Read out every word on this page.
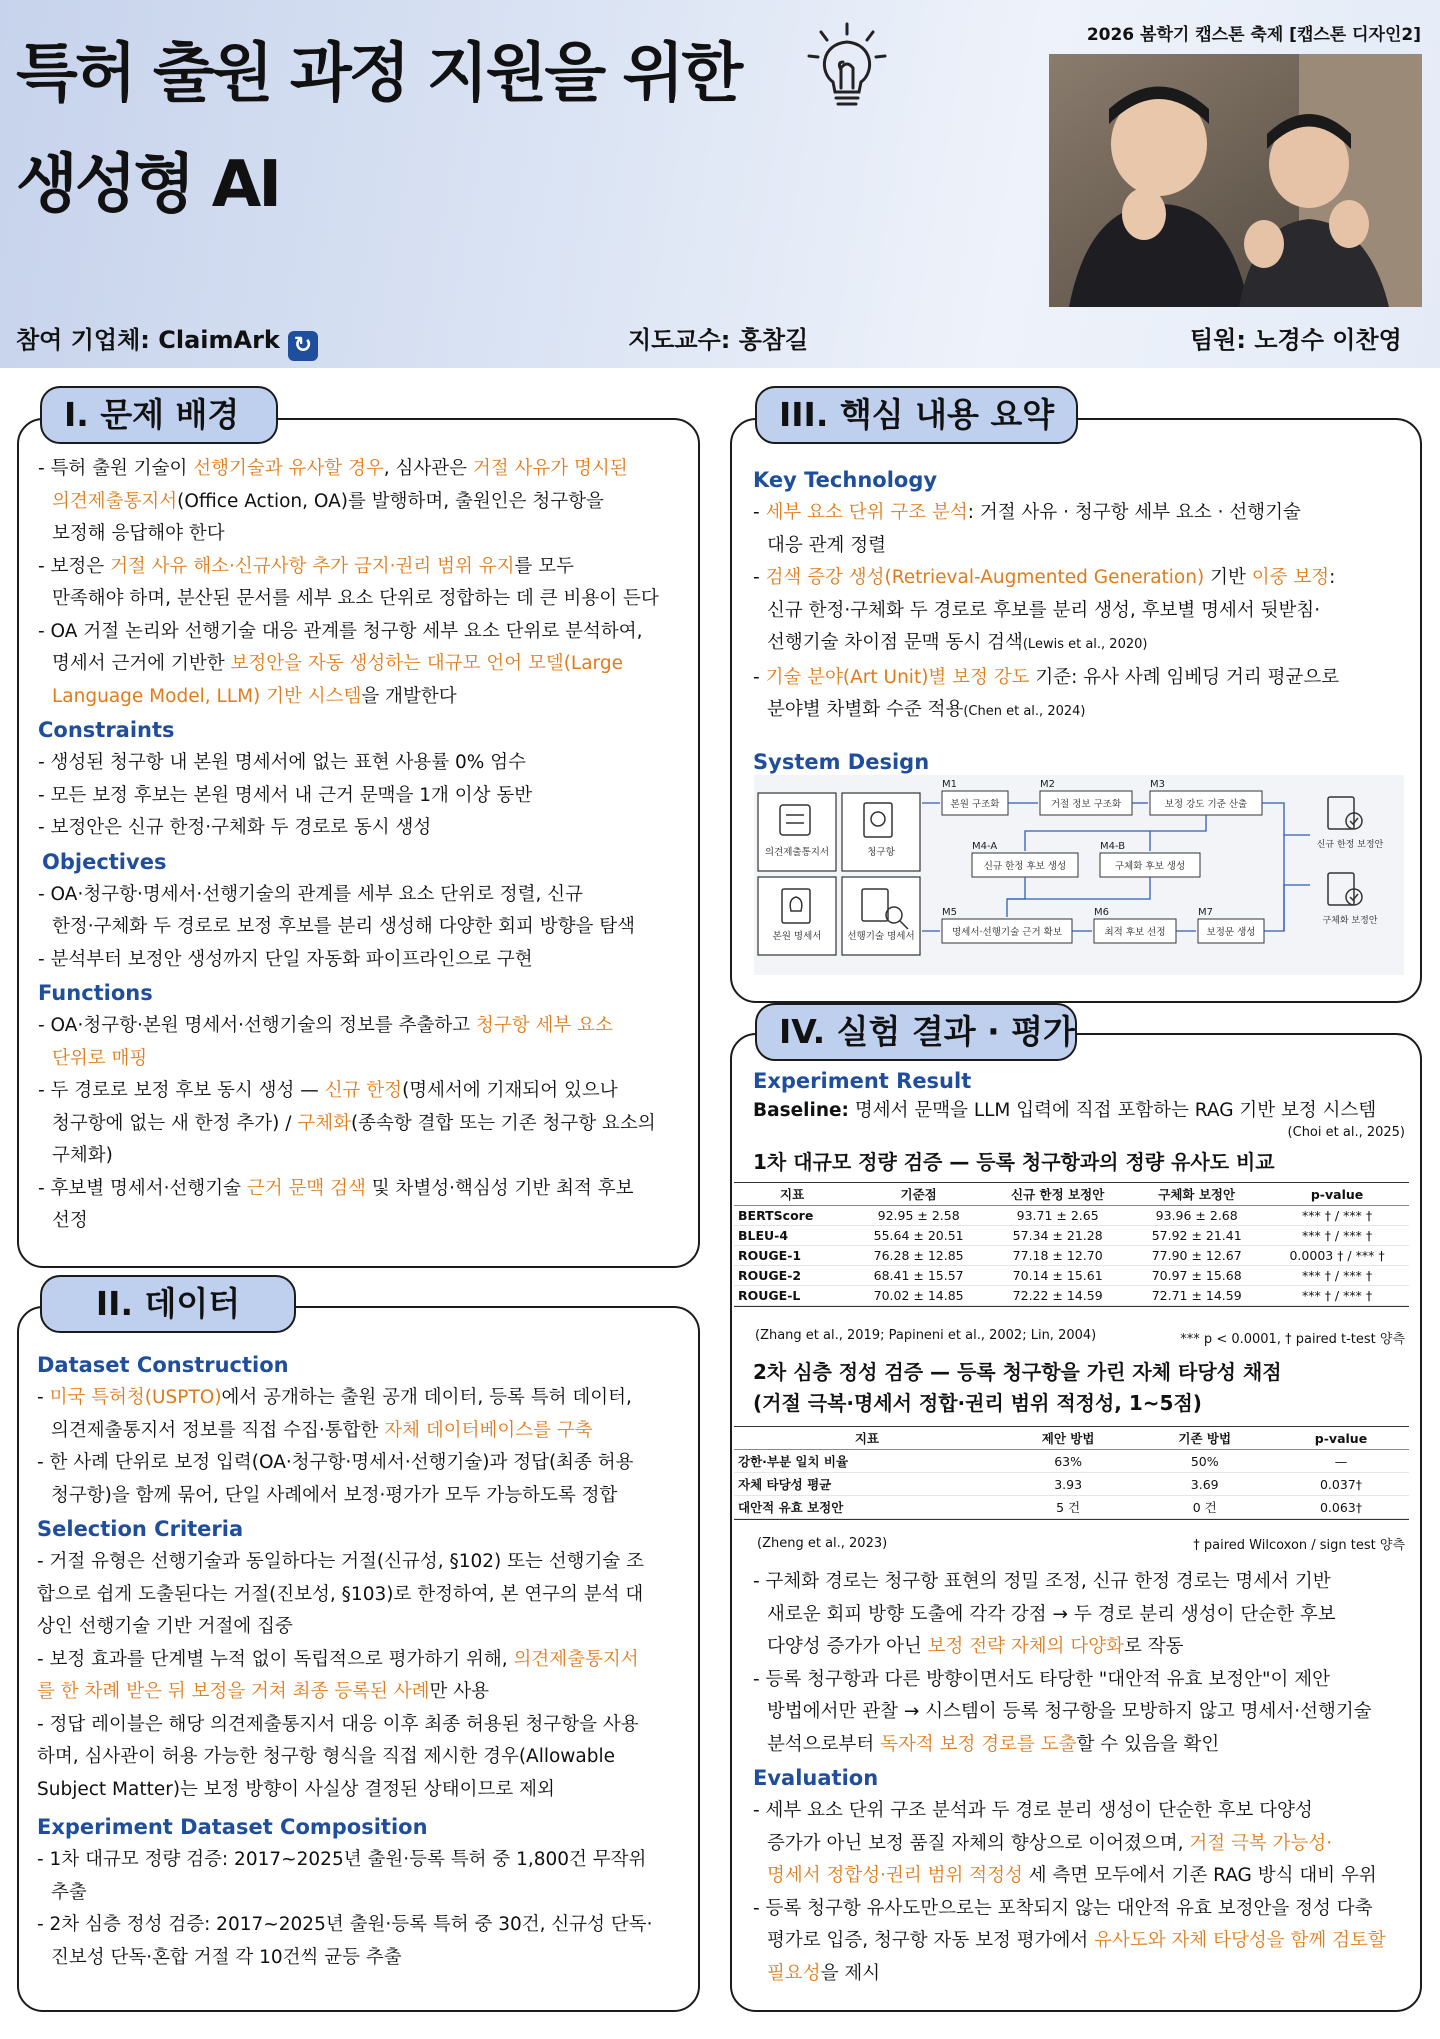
특허 출원 과정 지원을 위한
생성형 AI
2026 봄학기 캡스톤 축제 [캡스톤 디자인2]
참여 기업체: ClaimArk ↻	지도교수: 홍참길	팀원: 노경수 이찬영
I. 문제 배경

- 특허 출원 기술이 선행기술과 유사할 경우, 심사관은 거절 사유가 명시된

의견제출통지서(Office Action, OA)를 발행하며, 출원인은 청구항을

보정해 응답해야 한다

- 보정은 거절 사유 해소·신규사항 추가 금지·권리 범위 유지를 모두

만족해야 하며, 분산된 문서를 세부 요소 단위로 정합하는 데 큰 비용이 든다

- OA 거절 논리와 선행기술 대응 관계를 청구항 세부 요소 단위로 분석하여,

명세서 근거에 기반한 보정안을 자동 생성하는 대규모 언어 모델(Large

Language Model, LLM) 기반 시스템을 개발한다

Constraints

- 생성된 청구항 내 본원 명세서에 없는 표현 사용률 0% 엄수

- 모든 보정 후보는 본원 명세서 내 근거 문맥을 1개 이상 동반

- 보정안은 신규 한정·구체화 두 경로로 동시 생성

Objectives

- OA·청구항·명세서·선행기술의 관계를 세부 요소 단위로 정렬, 신규

한정·구체화 두 경로로 보정 후보를 분리 생성해 다양한 회피 방향을 탐색

- 분석부터 보정안 생성까지 단일 자동화 파이프라인으로 구현

Functions

- OA·청구항·본원 명세서·선행기술의 정보를 추출하고 청구항 세부 요소

단위로 매핑

- 두 경로로 보정 후보 동시 생성 — 신규 한정(명세서에 기재되어 있으나

청구항에 없는 새 한정 추가) / 구체화(종속항 결합 또는 기존 청구항 요소의

구체화)

- 후보별 명세서·선행기술 근거 문맥 검색 및 차별성·핵심성 기반 최적 후보

선정

II. 데이터

Dataset Construction

- 미국 특허청(USPTO)에서 공개하는 출원 공개 데이터, 등록 특허 데이터,

의견제출통지서 정보를 직접 수집·통합한 자체 데이터베이스를 구축

- 한 사례 단위로 보정 입력(OA·청구항·명세서·선행기술)과 정답(최종 허용

청구항)을 함께 묶어, 단일 사례에서 보정·평가가 모두 가능하도록 정합

Selection Criteria

- 거절 유형은 선행기술과 동일하다는 거절(신규성, §102) 또는 선행기술 조

합으로 쉽게 도출된다는 거절(진보성, §103)로 한정하여, 본 연구의 분석 대

상인 선행기술 기반 거절에 집중

- 보정 효과를 단계별 누적 없이 독립적으로 평가하기 위해, 의견제출통지서

를 한 차례 받은 뒤 보정을 거쳐 최종 등록된 사례만 사용

- 정답 레이블은 해당 의견제출통지서 대응 이후 최종 허용된 청구항을 사용

하며, 심사관이 허용 가능한 청구항 형식을 직접 제시한 경우(Allowable

Subject Matter)는 보정 방향이 사실상 결정된 상태이므로 제외

Experiment Dataset Composition

- 1차 대규모 정량 검증: 2017~2025년 출원·등록 특허 중 1,800건 무작위

추출

- 2차 심층 정성 검증: 2017~2025년 출원·등록 특허 중 30건, 신규성 단독·

진보성 단독·혼합 거절 각 10건씩 균등 추출

III. 핵심 내용 요약

Key Technology

- 세부 요소 단위 구조 분석: 거절 사유 · 청구항 세부 요소 · 선행기술

대응 관계 정렬

- 검색 증강 생성(Retrieval-Augmented Generation) 기반 이중 보정:

신규 한정·구체화 두 경로로 후보를 분리 생성, 후보별 명세서 뒷받침·

선행기술 차이점 문맥 동시 검색(Lewis et al., 2020)

- 기술 분야(Art Unit)별 보정 강도 기준: 유사 사례 임베딩 거리 평균으로

분야별 차별화 수준 적용(Chen et al., 2024)

System Design

의견제출통지서	청구항
본원 명세서	선행기술 명세서
M1	M2	M3
M4-A	M4-B
M5	M6	M7
본원 구조화	거절 정보 구조화	보정 강도 기준 산출
신규 한정 후보 생성	구체화 후보 생성
명세서·선행기술 근거 확보	최적 후보 선정	보정문 생성
신규 한정 보정안
구체화 보정안
IV. 실험 결과 · 평가

Experiment Result

Baseline: 명세서 문맥을 LLM 입력에 직접 포함하는 RAG 기반 보정 시스템

(Choi et al., 2025)
1차 대규모 정량 검증 — 등록 청구항과의 정량 유사도 비교
지표	기준점	신규 한정 보정안	구체화 보정안	p-value
BERTScore	92.95 ± 2.58	93.71 ± 2.65	93.96 ± 2.68	*** † / *** †
BLEU-4	55.64 ± 20.51	57.34 ± 21.28	57.92 ± 21.41	*** † / *** †
ROUGE-1	76.28 ± 12.85	77.18 ± 12.70	77.90 ± 12.67	0.0003 † / *** †
ROUGE-2	68.41 ± 15.57	70.14 ± 15.61	70.97 ± 15.68	*** † / *** †
ROUGE-L	70.02 ± 14.85	72.22 ± 14.59	72.71 ± 14.59	*** † / *** †
(Zhang et al., 2019; Papineni et al., 2002; Lin, 2004)	*** p < 0.0001, † paired t-test 양측

2차 심층 정성 검증 — 등록 청구항을 가린 자체 타당성 채점

(거절 극복·명세서 정합·권리 범위 적정성, 1~5점)

지표	제안 방법	기존 방법	p-value
강한·부분 일치 비율	63%	50%	—
자체 타당성 평균	3.93	3.69	0.037†
대안적 유효 보정안	5 건	0 건	0.063†
(Zheng et al., 2023)	† paired Wilcoxon / sign test 양측

- 구체화 경로는 청구항 표현의 정밀 조정, 신규 한정 경로는 명세서 기반

새로운 회피 방향 도출에 각각 강점 → 두 경로 분리 생성이 단순한 후보

다양성 증가가 아닌 보정 전략 자체의 다양화로 작동

- 등록 청구항과 다른 방향이면서도 타당한 "대안적 유효 보정안"이 제안

방법에서만 관찰 → 시스템이 등록 청구항을 모방하지 않고 명세서·선행기술

분석으로부터 독자적 보정 경로를 도출할 수 있음을 확인

Evaluation

- 세부 요소 단위 구조 분석과 두 경로 분리 생성이 단순한 후보 다양성

증가가 아닌 보정 품질 자체의 향상으로 이어졌으며, 거절 극복 가능성·

명세서 정합성·권리 범위 적정성 세 측면 모두에서 기존 RAG 방식 대비 우위

- 등록 청구항 유사도만으로는 포착되지 않는 대안적 유효 보정안을 정성 다축

평가로 입증, 청구항 자동 보정 평가에서 유사도와 자체 타당성을 함께 검토할

필요성을 제시
